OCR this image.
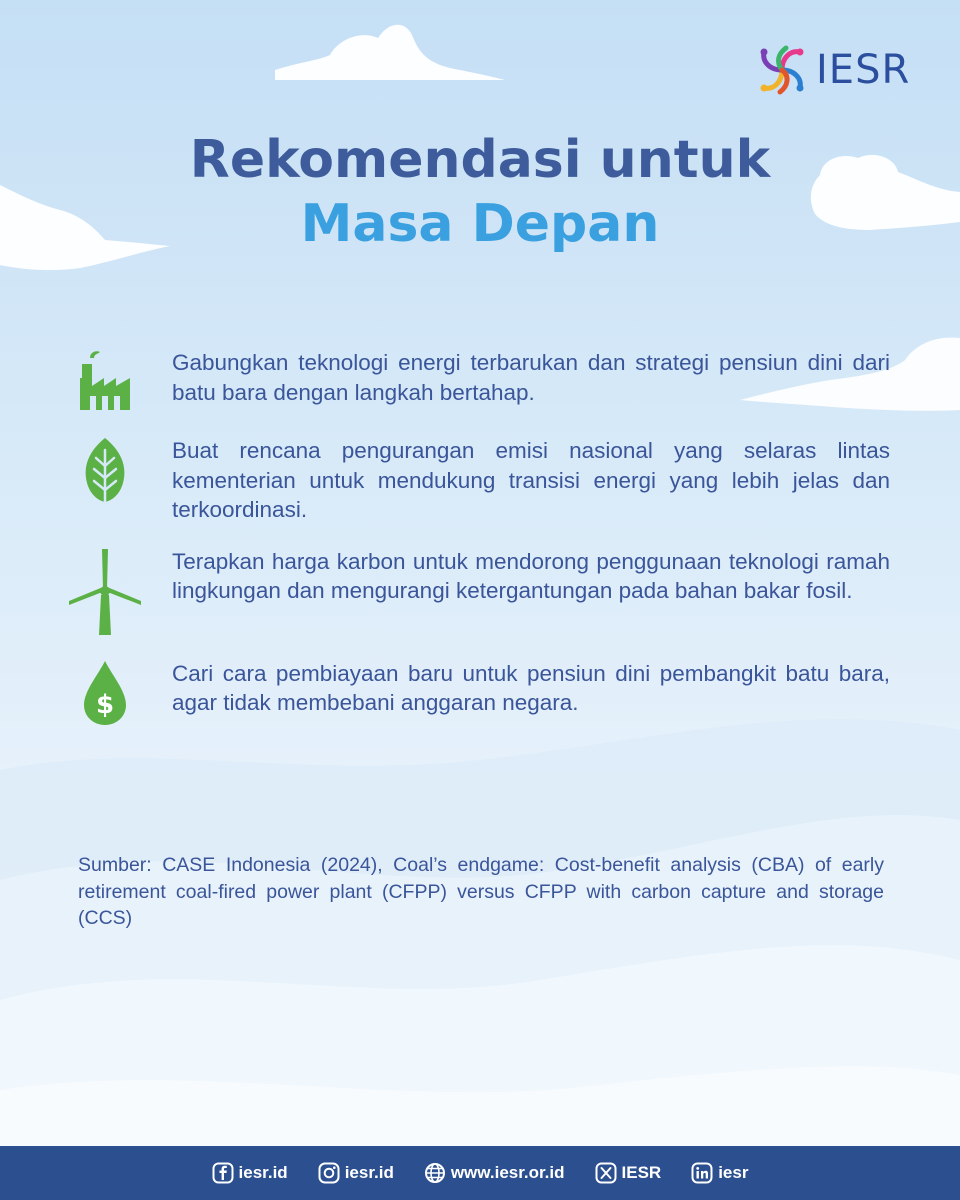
IESR
Rekomendasi untuk
Masa Depan

Gabungkan teknologi energi terbarukan dan strategi pensiun dini dari batu bara dengan langkah bertahap.

Buat rencana pengurangan emisi nasional yang selaras lintas kementerian untuk mendukung transisi energi yang lebih jelas dan terkoordinasi.

Terapkan harga karbon untuk mendorong penggunaan teknologi ramah lingkungan dan mengurangi ketergantungan pada bahan bakar fosil.

$

Cari cara pembiayaan baru untuk pensiun dini pembangkit batu bara, agar tidak membebani anggaran negara.

Sumber: CASE Indonesia (2024), Coal’s endgame: Cost-benefit analysis (CBA) of early retirement coal-fired power plant (CFPP) versus CFPP with carbon capture and storage (CCS)

iesr.id	iesr.id	www.iesr.or.id	IESR	iesr
